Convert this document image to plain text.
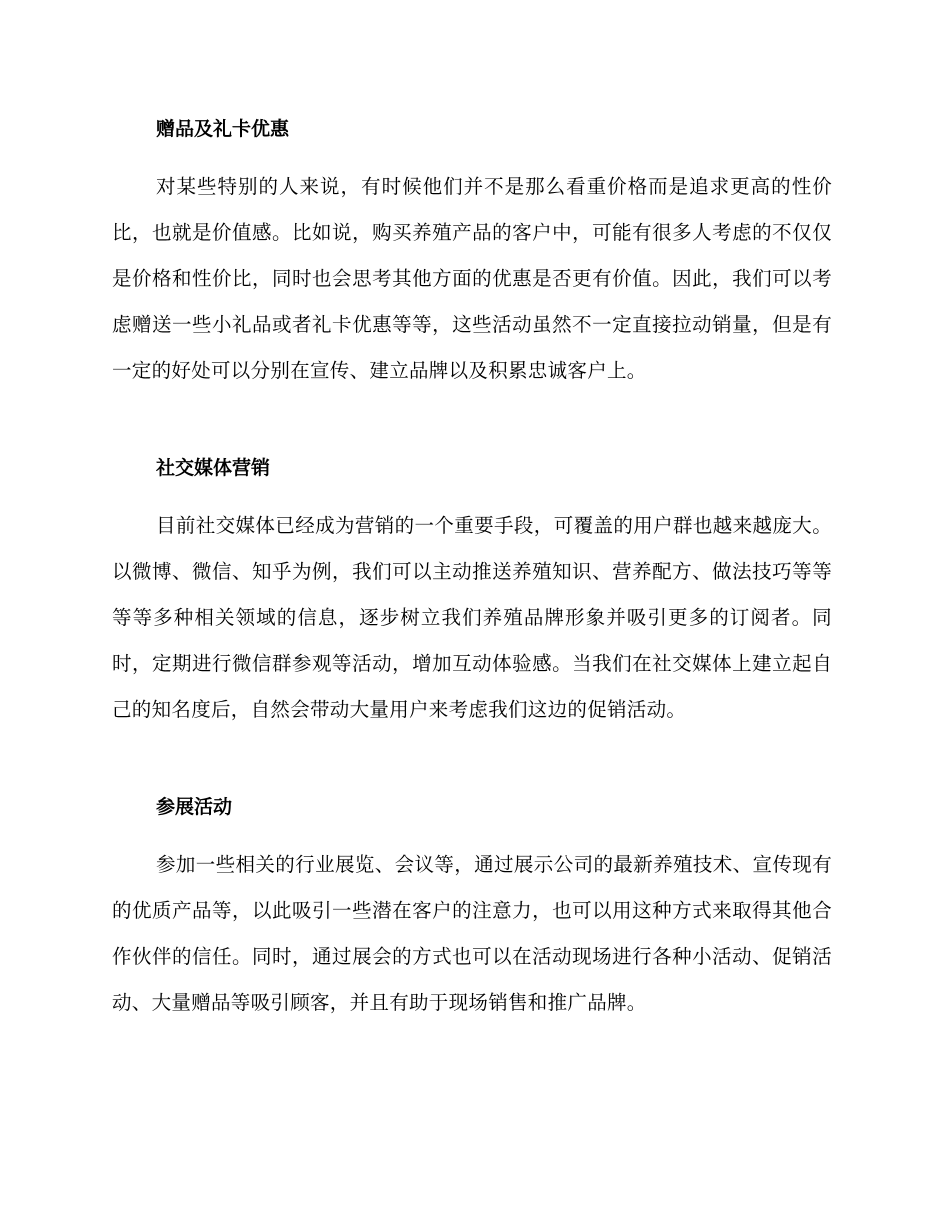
赠品及礼卡优惠

对某些特别的人来说，有时候他们并不是那么看重价格而是追求更高的性价比，也就是价值感。比如说，购买养殖产品的客户中，可能有很多人考虑的不仅仅是价格和性价比，同时也会思考其他方面的优惠是否更有价值。因此，我们可以考虑赠送一些小礼品或者礼卡优惠等等，这些活动虽然不一定直接拉动销量，但是有一定的好处可以分别在宣传、建立品牌以及积累忠诚客户上。

社交媒体营销

目前社交媒体已经成为营销的一个重要手段，可覆盖的用户群也越来越庞大。以微博、微信、知乎为例，我们可以主动推送养殖知识、营养配方、做法技巧等等等等多种相关领域的信息，逐步树立我们养殖品牌形象并吸引更多的订阅者。同时，定期进行微信群参观等活动，增加互动体验感。当我们在社交媒体上建立起自己的知名度后，自然会带动大量用户来考虑我们这边的促销活动。

参展活动

参加一些相关的行业展览、会议等，通过展示公司的最新养殖技术、宣传现有的优质产品等，以此吸引一些潜在客户的注意力，也可以用这种方式来取得其他合作伙伴的信任。同时，通过展会的方式也可以在活动现场进行各种小活动、促销活动、大量赠品等吸引顾客，并且有助于现场销售和推广品牌。
